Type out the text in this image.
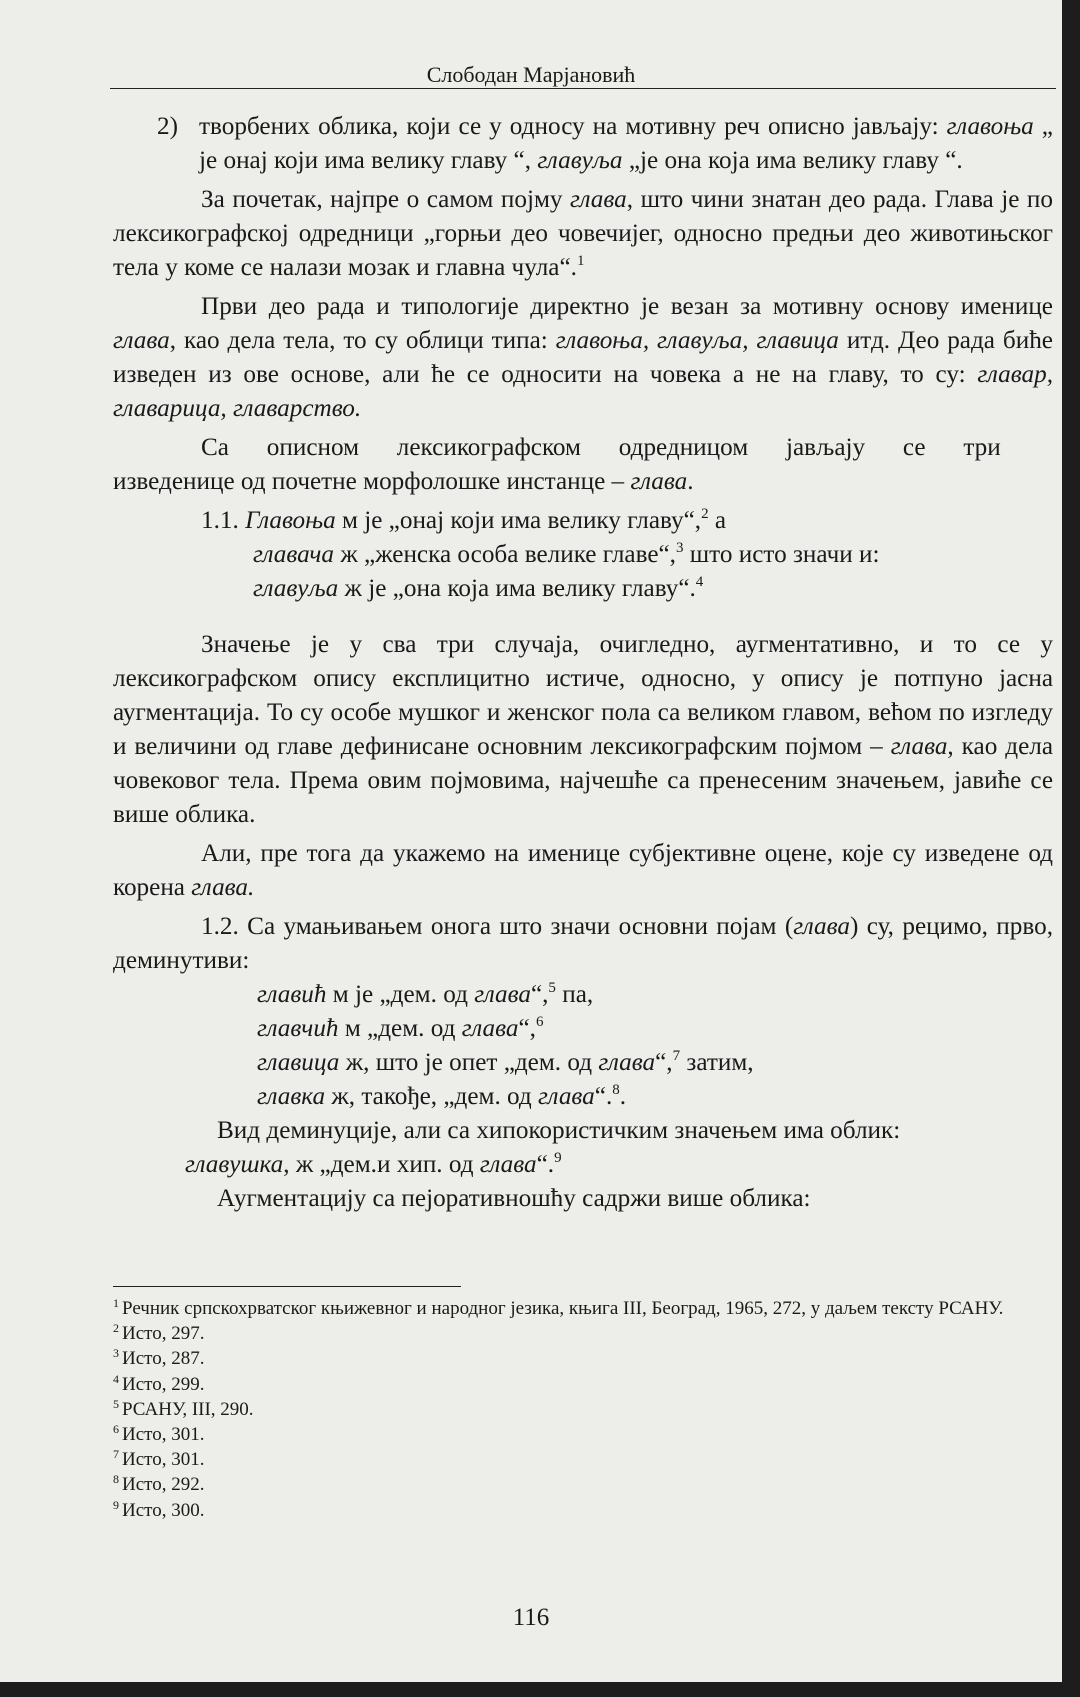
Слободан Марјановић

2) творбених облика, који се у односу на мотивну реч описно јављају: главоња „ је онај који има велику главу “, главуља „је она која има велику главу “.

За почетак, најпре о самом појму глава, што чини знатан део рада. Глава је по лексикографској одредници „горњи део човечијег, односно предњи део животињског тела у коме се налази мозак и главна чула“.$^1$

Први део рада и типологије директно је везан за мотивну основу именице глава, као дела тела, то су облици типа: главоња, главуља, главица итд. Део рада биће изведен из ове основе, али ће се односити на човека а не на главу, то су: главар, главарица, главарство.

Са      описном      лексикографском      одредницом      јављају      се      три

изведенице од почетне морфолошке инстанце – глава.

1.1. Главоња м је „онај који има велику главу“,$^2$ а

главача ж „женска особа велике главе“,$^3$ што исто значи и:

главуља ж је „она која има велику главу“.$^4$

Значење је у сва три случаја, очигледно, аугментативно, и то се у лексикографском опису експлицитно истиче, односно, у опису је потпуно јасна аугментација. То су особе мушког и женског пола са великом главом, већом по изгледу и величини од главе дефинисане основним лексикографским појмом – глава, као дела човековог тела. Према овим појмовима, најчешће са пренесеним значењем, јавиће се више облика.

Али, пре тога да укажемо на именице субјективне оцене, које су изведене од корена глава.

1.2. Са умањивањем онога што значи основни појам (глава) су, рецимо, прво, деминутиви:

главић м је „дем. од глава“,$^5$ па,

главчић м „дем. од глава“,$^6$

главица ж, што је опет „дем. од глава“,$^7$ затим,

главка ж, такође, „дем. од глава“.$^8$.

Вид деминуције, али са хипокористичким значењем има облик:

главушка, ж „дем.и хип. од глава“.$^9$

Аугментацију са пејоративношћу садржи више облика:

$^1$ Речник српскохрватског књижевног и народног језика, књига III, Београд, 1965, 272, у даљем тексту РСАНУ.

$^2$ Исто, 297.

$^3$ Исто, 287.

$^4$ Исто, 299.

$^5$ РСАНУ, III, 290.

$^6$ Исто, 301.

$^7$ Исто, 301.

$^8$ Исто, 292.

$^9$ Исто, 300.

116
